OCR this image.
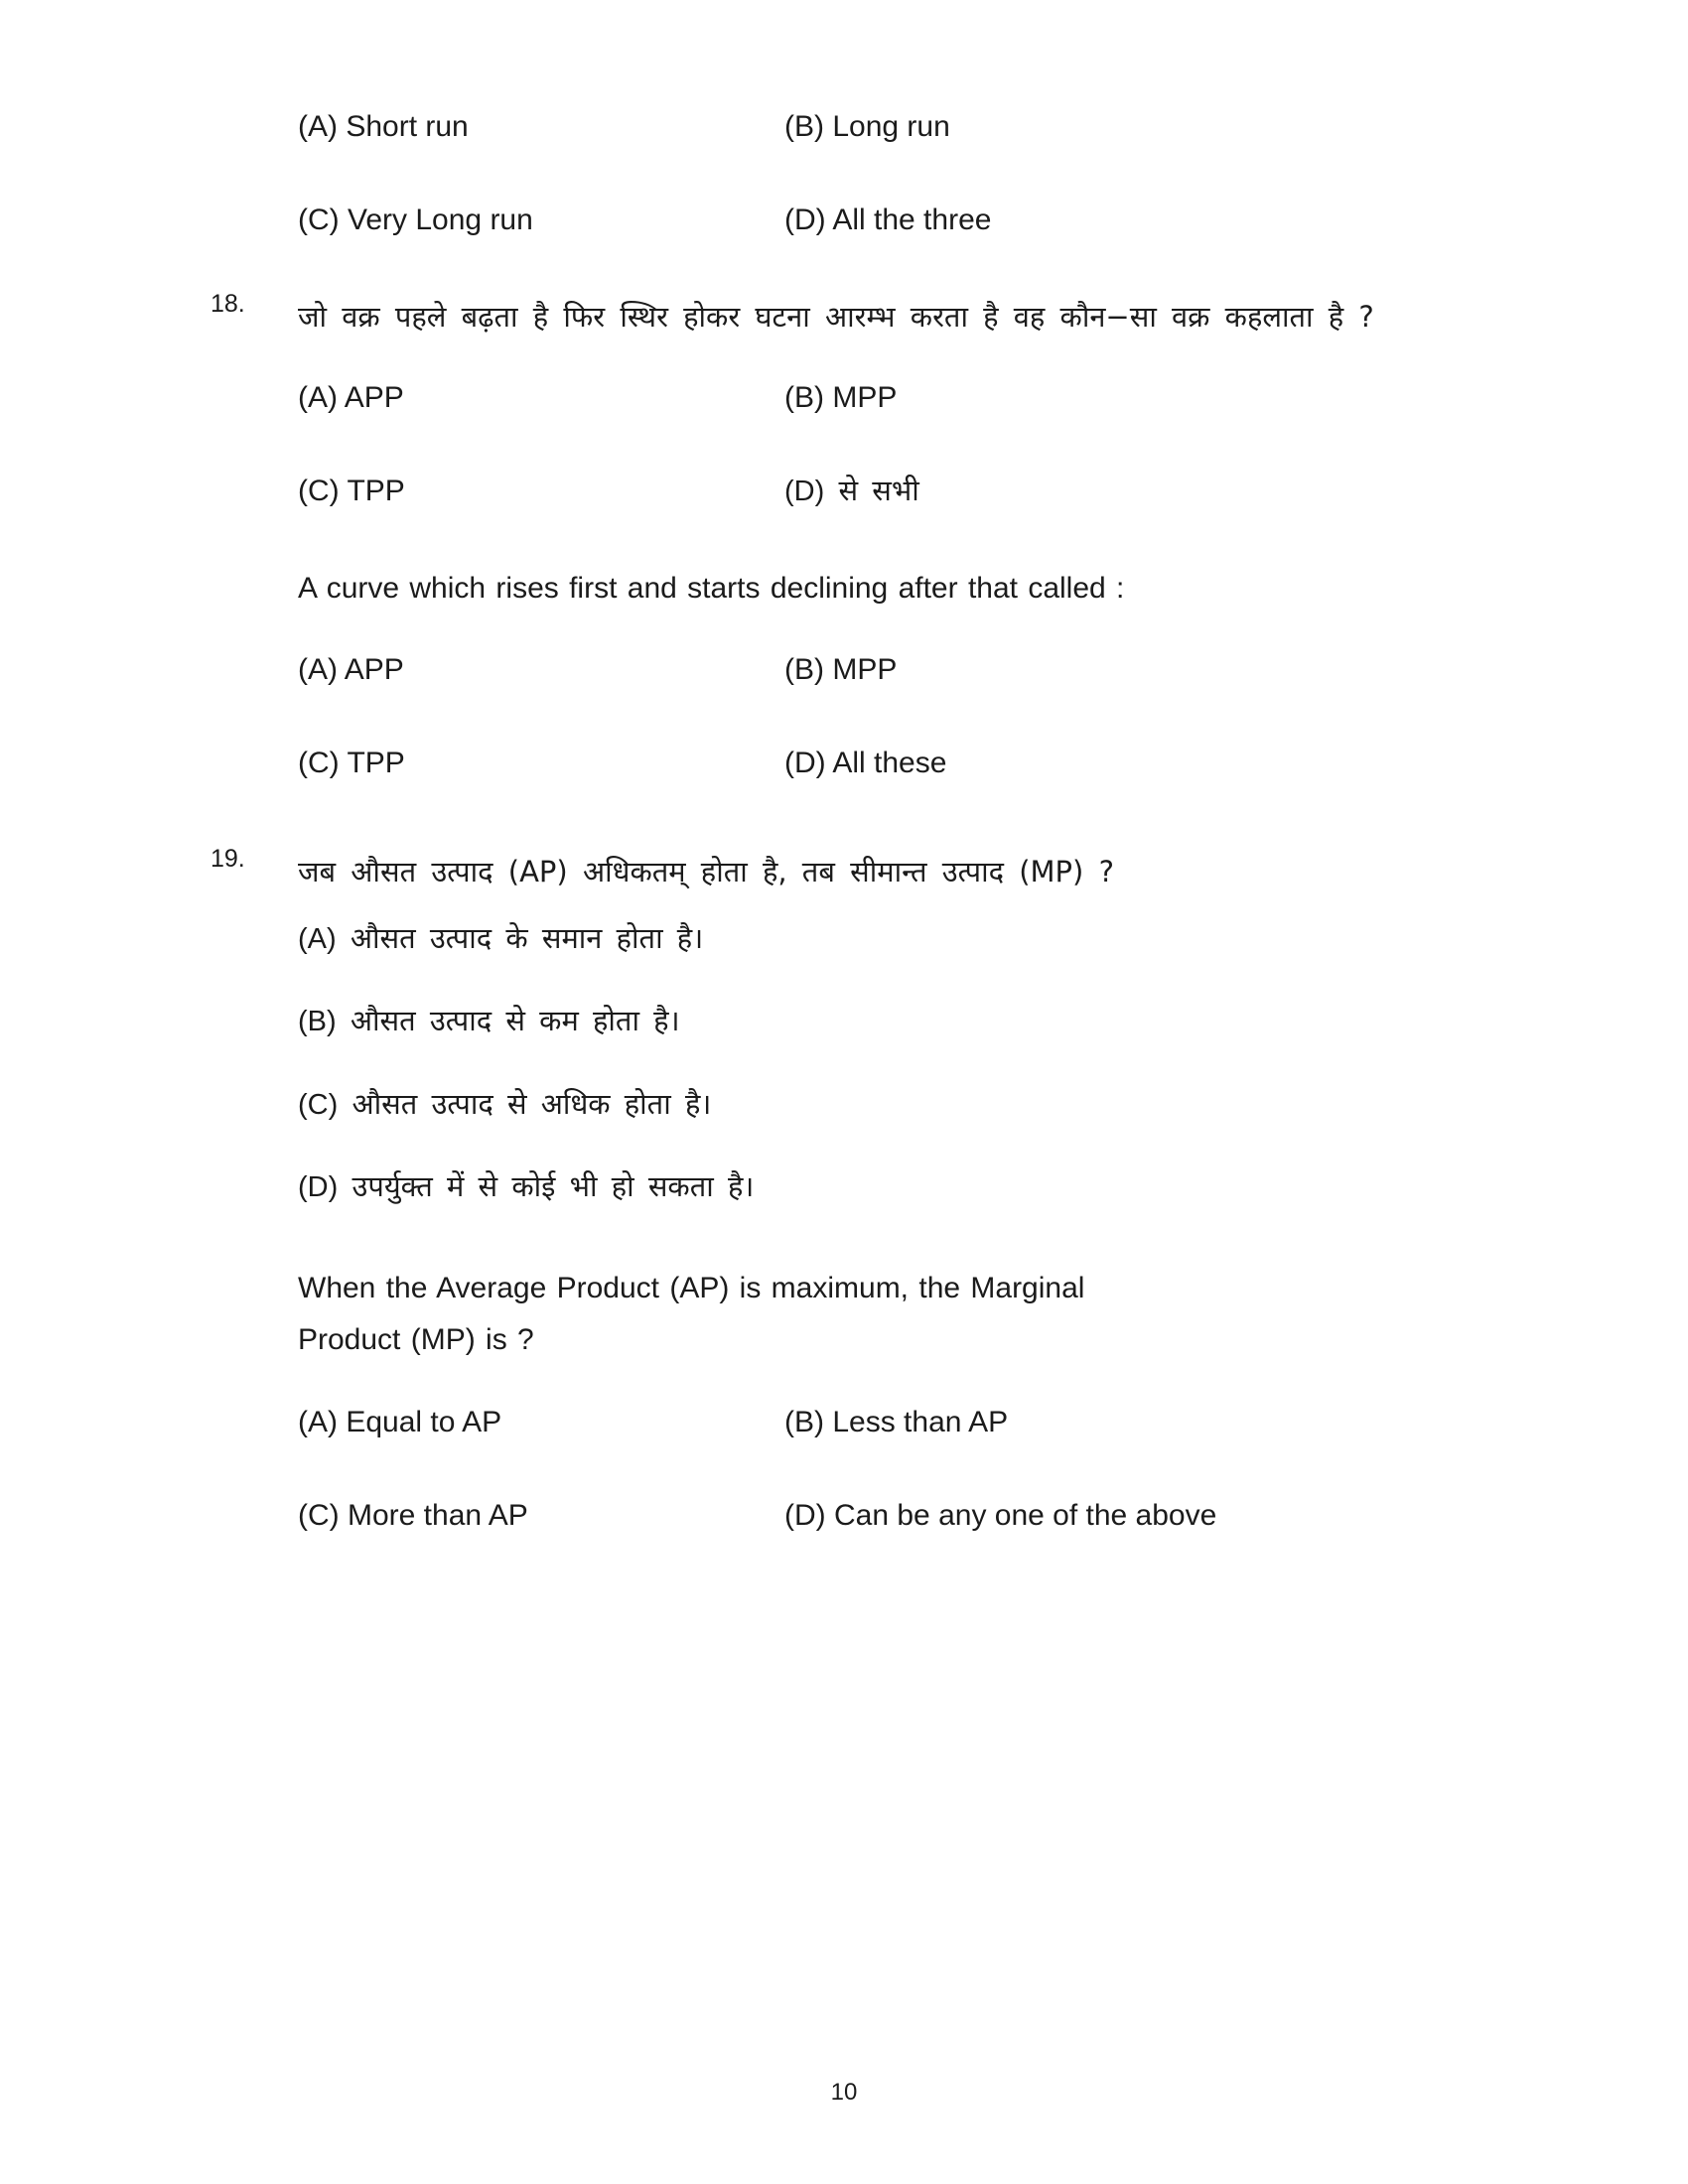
(A) Short run	(B) Long run
(C) Very Long run	(D) All the three
18. जो वक्र पहले बढ़ता है फिर स्थिर होकर घटना आरम्भ करता है वह कौन−सा वक्र कहलाता है ?
(A) APP	(B) MPP
(C) TPP	(D) से सभी
A curve which rises first and starts declining after that called :
(A) APP	(B) MPP
(C) TPP	(D) All these
19. जब औसत उत्पाद (AP) अधिकतम् होता है, तब सीमान्त उत्पाद (MP) ?
(A) औसत उत्पाद के समान होता है।
(B) औसत उत्पाद से कम होता है।
(C) औसत उत्पाद से अधिक होता है।
(D) उपर्युक्त में से कोई भी हो सकता है।
When the Average Product (AP) is maximum, the Marginal
Product (MP) is ?
(A) Equal to AP	(B) Less than AP
(C) More than AP	(D) Can be any one of the above
10
